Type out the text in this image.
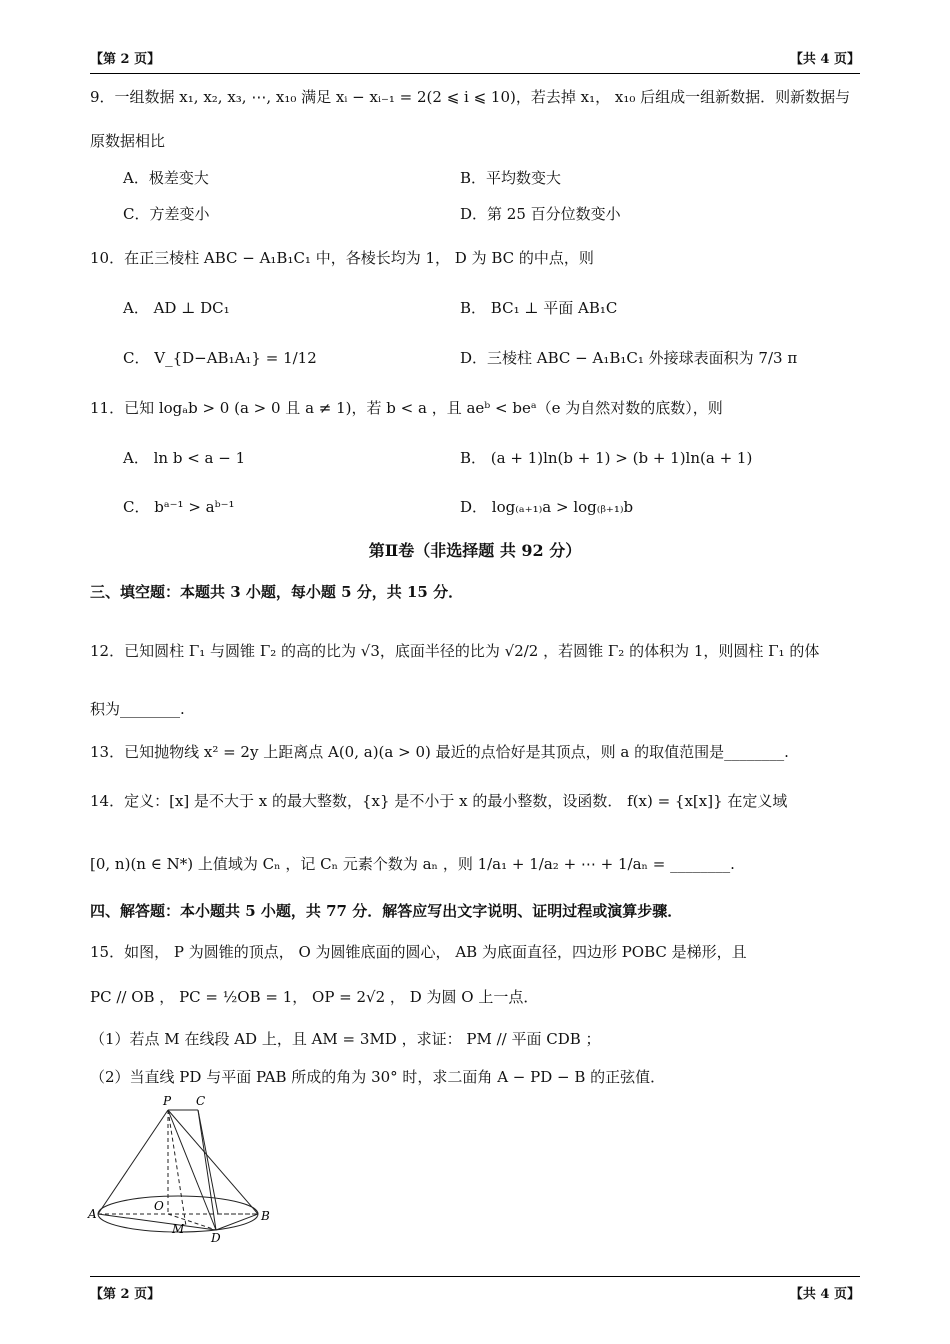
【第 2 页】	【共 4 页】
9．一组数据 x₁, x₂, x₃, ⋯, x₁₀ 满足 xᵢ − xᵢ₋₁ = 2(2 ⩽ i ⩽ 10)，若去掉 x₁， x₁₀ 后组成一组新数据．则新数据与
原数据相比
A．极差变大	B．平均数变大
C．方差变小	D．第 25 百分位数变小
10．在正三棱柱 ABC − A₁B₁C₁ 中，各棱长均为 1， D 为 BC 的中点，则
A． AD ⊥ DC₁	B． BC₁ ⊥ 平面 AB₁C
C． V_{D−AB₁A₁} = 1/12	D．三棱柱 ABC − A₁B₁C₁ 外接球表面积为 7/3 π
11．已知 logₐb > 0 (a > 0 且 a ≠ 1)，若 b < a ，且 aeᵇ < beᵃ（e 为自然对数的底数），则
A． ln b < a − 1	B． (a + 1)ln(b + 1) > (b + 1)ln(a + 1)
C． bᵃ⁻¹ > aᵇ⁻¹	D． log₍ₐ₊₁₎a > log₍ᵦ₊₁₎b
第Ⅱ卷（非选择题 共 92 分）
三、填空题：本题共 3 小题，每小题 5 分，共 15 分．
12．已知圆柱 Γ₁ 与圆锥 Γ₂ 的高的比为 √3，底面半径的比为 √2/2 ，若圆锥 Γ₂ 的体积为 1，则圆柱 Γ₁ 的体
积为________.
13．已知抛物线 x² = 2y 上距离点 A(0, a)(a > 0) 最近的点恰好是其顶点，则 a 的取值范围是________.
14．定义：[x] 是不大于 x 的最大整数，{x} 是不小于 x 的最小整数，设函数． f(x) = {x[x]} 在定义域
[0, n)(n ∈ N*) 上值域为 Cₙ ，记 Cₙ 元素个数为 aₙ ，则 1/a₁ + 1/a₂ + ⋯ + 1/aₙ = ________.
四、解答题：本小题共 5 小题，共 77 分．解答应写出文字说明、证明过程或演算步骤．
15．如图， P 为圆锥的顶点， O 为圆锥底面的圆心， AB 为底面直径，四边形 POBC 是梯形，且
PC // OB ， PC = ½OB = 1， OP = 2√2 ， D 为圆 O 上一点．
（1）若点 M 在线段 AD 上，且 AM = 3MD ，求证： PM // 平面 CDB ；
（2）当直线 PD 与平面 PAB 所成的角为 30° 时，求二面角 A − PD − B 的正弦值．
P C
A
O
M
B
D
【第 2 页】	【共 4 页】
